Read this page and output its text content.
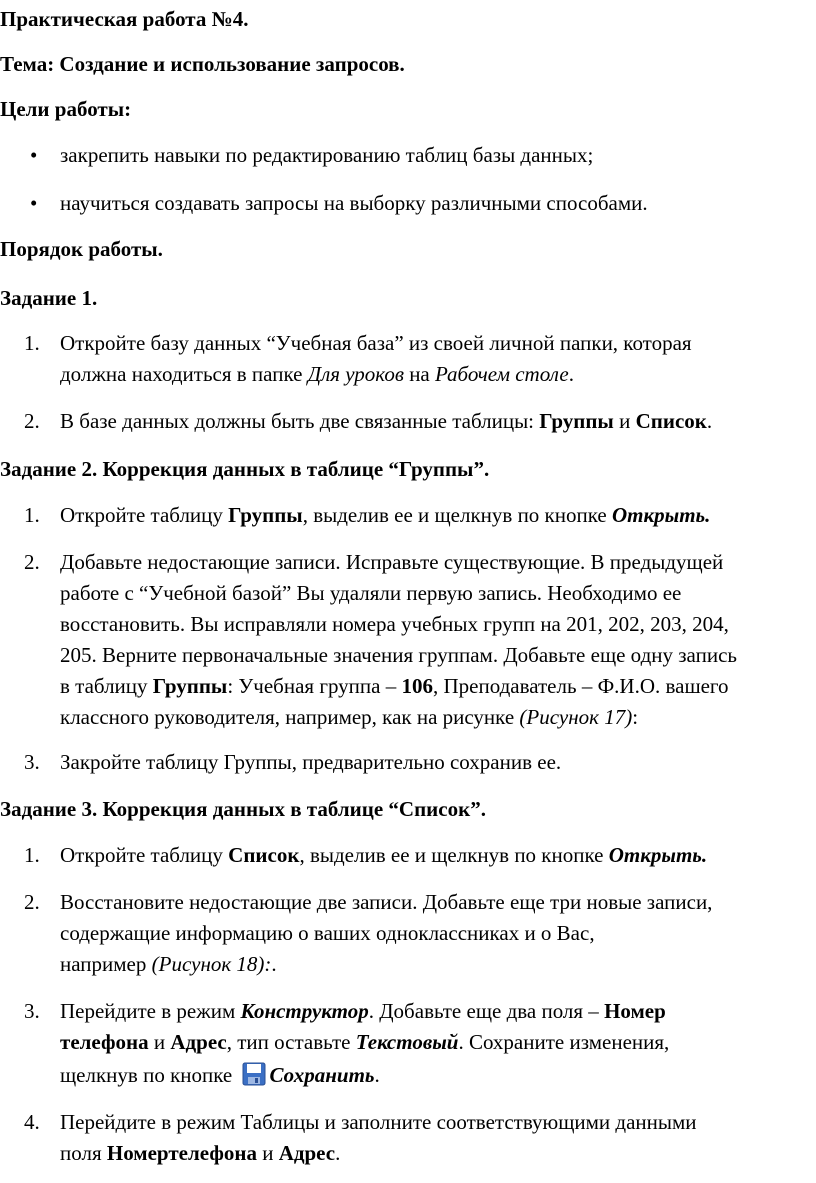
Практическая работа №4.

Тема: Создание и использование запросов.

Цели работы:

• закрепить навыки по редактированию таблиц базы данных;

• научиться создавать запросы на выборку различными способами.

Порядок работы.

Задание 1.

1. Откройте базу данных “Учебная база” из своей личной папки, которая

должна находиться в папке Для уроков на Рабочем столе.

2. В базе данных должны быть две связанные таблицы: Группы и Список.

Задание 2. Коррекция данных в таблице “Группы”.

1. Откройте таблицу Группы, выделив ее и щелкнув по кнопке Открыть.

2. Добавьте недостающие записи. Исправьте существующие. В предыдущей

работе с “Учебной базой” Вы удаляли первую запись. Необходимо ее

восстановить. Вы исправляли номера учебных групп на 201, 202, 203, 204,

205. Верните первоначальные значения группам. Добавьте еще одну запись

в таблицу Группы: Учебная группа – 106, Преподаватель – Ф.И.О. вашего

классного руководителя, например, как на рисунке (Рисунок 17):

3. Закройте таблицу Группы, предварительно сохранив ее.

Задание 3. Коррекция данных в таблице “Список”.

1. Откройте таблицу Список, выделив ее и щелкнув по кнопке Открыть.

2. Восстановите недостающие две записи. Добавьте еще три новые записи,

содержащие информацию о ваших одноклассниках и о Вас,

например (Рисунок 18):.

3. Перейдите в режим Конструктор. Добавьте еще два поля – Номер

телефона и Адрес, тип оставьте Текстовый. Сохраните изменения,

щелкнув по кнопке Сохранить.

4. Перейдите в режим Таблицы и заполните соответствующими данными

поля Номертелефона и Адрес.
